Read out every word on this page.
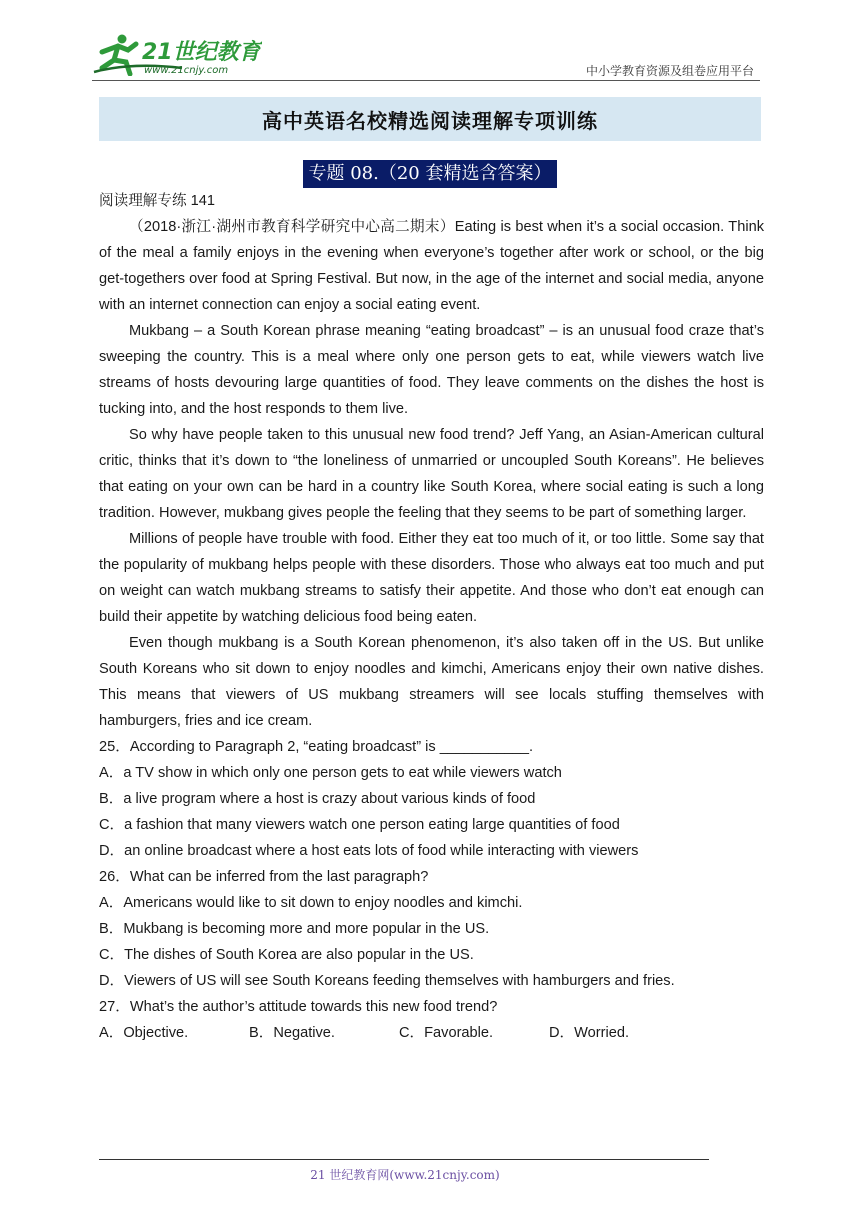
21世纪教育
www.21cnjy.com	中小学教育资源及组卷应用平台
高中英语名校精选阅读理解专项训练
专题 08.（20 套精选含答案）

阅读理解专练 141

（2018·浙江·湖州市教育科学研究中心高二期末）Eating is best when it’s a social occasion. Think of the meal a family enjoys in the evening when everyone’s together after work or school, or the big get-togethers over food at Spring Festival. But now, in the age of the internet and social media, anyone with an internet connection can enjoy a social eating event.

Mukbang – a South Korean phrase meaning “eating broadcast” – is an unusual food craze that’s sweeping the country. This is a meal where only one person gets to eat, while viewers watch live streams of hosts devouring large quantities of food. They leave comments on the dishes the host is tucking into, and the host responds to them live.

So why have people taken to this unusual new food trend? Jeff Yang, an Asian-American cultural critic, thinks that it’s down to “the loneliness of unmarried or uncoupled South Koreans”. He believes that eating on your own can be hard in a country like South Korea, where social eating is such a long tradition. However, mukbang gives people the feeling that they seems to be part of something larger.

Millions of people have trouble with food. Either they eat too much of it, or too little. Some say that the popularity of mukbang helps people with these disorders. Those who always eat too much and put on weight can watch mukbang streams to satisfy their appetite. And those who don’t eat enough can build their appetite by watching delicious food being eaten.

Even though mukbang is a South Korean phenomenon, it’s also taken off in the US. But unlike South Koreans who sit down to enjoy noodles and kimchi, Americans enjoy their own native dishes. This means that viewers of US mukbang streamers will see locals stuffing themselves with hamburgers, fries and ice cream.

25．According to Paragraph 2, “eating broadcast” is ___________.

A．a TV show in which only one person gets to eat while viewers watch

B．a live program where a host is crazy about various kinds of food

C．a fashion that many viewers watch one person eating large quantities of food

D．an online broadcast where a host eats lots of food while interacting with viewers

26．What can be inferred from the last paragraph?

A．Americans would like to sit down to enjoy noodles and kimchi.

B．Mukbang is becoming more and more popular in the US.

C．The dishes of South Korea are also popular in the US.

D．Viewers of US will see South Koreans feeding themselves with hamburgers and fries.

27．What’s the author’s attitude towards this new food trend?

A．Objective.	B．Negative.	C．Favorable.	D．Worried.
21 世纪教育网(www.21cnjy.com)
